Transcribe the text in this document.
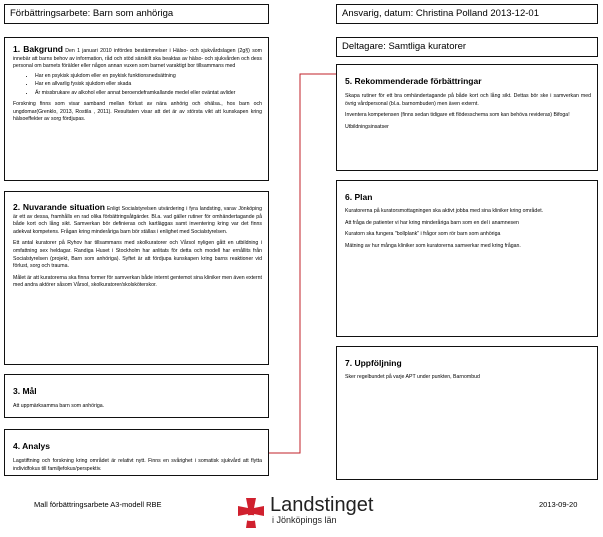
Förbättringsarbete: Barn som anhöriga	Ansvarig, datum: Christina Polland 2013-12-01
Deltagare: Samtliga kuratorer
1. Bakgrund Den 1 januari 2010 infördes bestämmelser i Hälso- och sjukvårdslagen (2g§) som innebär att barns behov av information, råd och stöd särskilt ska beaktas av hälso- och sjukvården och dess personal om barnets förälder eller någon annan vuxen som barnet varaktigt bor tillsammans med
• Har en psykisk sjukdom eller en psykisk funktionsnedsättning
• Har en allvarlig fysisk sjukdom eller skada
• Är missbrukare av alkohol eller annat beroendeframkallande medel eller oväntat avlider

Forskning finns som visar samband mellan förlust av nära anhörig och ohälsa., hos barn och ungdomar(Grenklo, 2013, Rostila , 2011). Resultaten visar att det är av största vikt att kunskapen kring hälsoeffekter av sorg fördjupas.

2. Nuvarande situation Enligt Socialstyrelsen utvärdering i fyra landsting, varav Jönköping är ett av dessa, framhålls en rad olika förbättringsåtgärder. Bl.a. vad gäller rutiner för omhändertagande på både kort och lång sikt. Samverkan bör definieras och kartläggas samt inventering kring var det finns adekvat kompetens. Frågan kring minderåriga barn bör ställas i enlighet med Socialstyrelsen.

Ett antal kuratorer på Ryhov har tillsammans med skolkuratorer och Vårsol nyligen gått en utbildning i omfattning sex heldagar. Randiga Huset i Stockholm har anlitats för detta och modell har ernållits från Socialstyrelsen (projekt, Barn som anhöriga). Syftet är att fördjupa kunskapen kring barns reaktioner vid förlust, sorg och trauma.

Målet är att kuratorerna ska finna former för samverkan både internt gentemot sina kliniker men även externt med andra aktörer såsom Vårsol, skolkuratorer/skolsköterskor.

3. Mål
Att uppmärksamma barn som anhöriga.
4. Analys
Lagstiftning och forskning kring området är relativt nytt. Finns en svårighet i somatisk sjukvård att flytta individfokus till familjefokus/perspektiv.
5. Rekommenderade förbättringar

Skapa rutiner för ett bra omhändertagande på både kort och lång sikt. Dettas bör ske i samverkan med övrig vårdpersonal (bl.a. barnombuden) men även externt.

Inventera kompetensen (finns sedan tidigare ett flödesschema som kan behöva revideras) Bifoga!

Utbildningsinsatser

6. Plan

Kuratorerna på kuratorsmottagningen ska aktivt jobba med sina kliniker kring området.

Att fråga de patienter vi har kring minderåriga barn som en del i anamnesen

Kuratorn ska fungera "bollplank" i frågor som rör barn som anhöriga

Mätning av hur många kliniker som kuratorerna samverkar med kring frågan.

7. Uppföljning
Sker regelbundet på varje APT under punkten, Barnombud
Mall förbättringsarbete A3-modell RBE	Landstinget
i Jönköpings län
2013-09-20
